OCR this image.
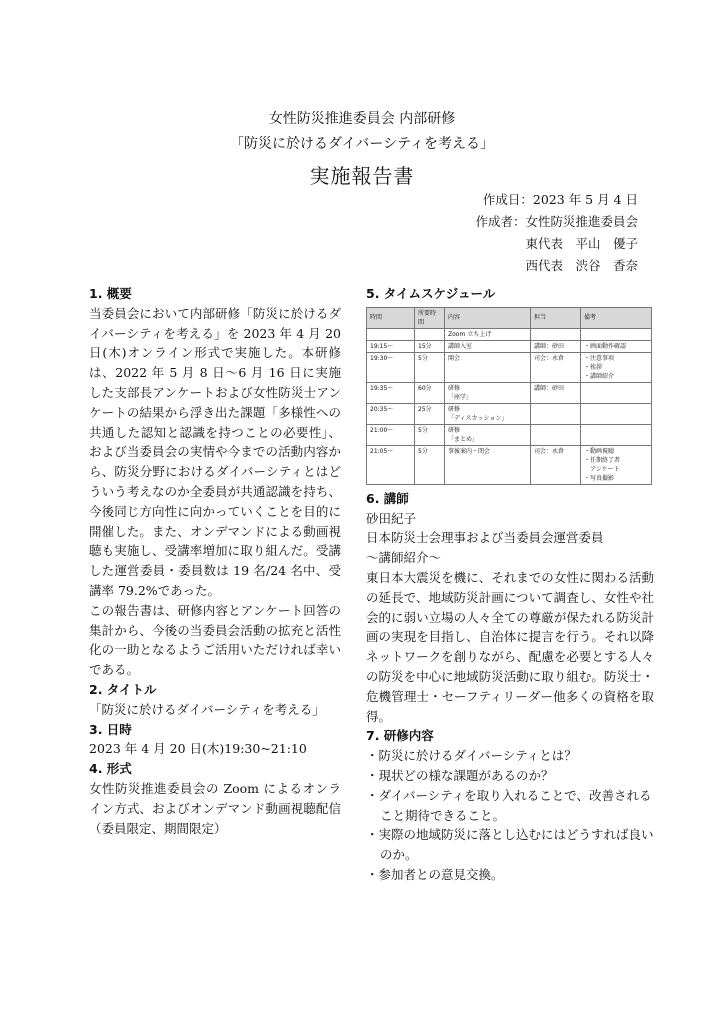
女性防災推進委員会 内部研修
「防災に於けるダイバーシティを考える」
実施報告書
作成日：2023 年 5 月 4 日
作成者：女性防災推進委員会
東代表　平山　優子
西代表　渋谷　香奈

1. 概要

当委員会において内部研修「防災に於けるダイバーシティを考える」を 2023 年 4 月 20 日(木)オンライン形式で実施した。本研修は、2022 年 5 月 8 日～6 月 16 日に実施した支部長アンケートおよび女性防災士アンケートの結果から浮き出た課題「多様性への共通した認知と認識を持つことの必要性」、および当委員会の実情や今までの活動内容から、防災分野におけるダイバーシティとはどういう考えなのか全委員が共通認識を持ち、今後同じ方向性に向かっていくことを目的に開催した。また、オンデマンドによる動画視聴も実施し、受講率増加に取り組んだ。受講した運営委員・委員数は 19 名/24 名中、受講率 79.2%であった。

この報告書は、研修内容とアンケート回答の集計から、今後の当委員会活動の拡充と活性化の一助となるようご活用いただければ幸いである。

2. タイトル

「防災に於けるダイバーシティを考える」

3. 日時

2023 年 4 月 20 日(木)19:30~21:10

4. 形式

女性防災推進委員会の Zoom によるオンライン方式、およびオンデマンド動画視聴配信（委員限定、期間限定）

5. タイムスケジュール

時間	所要時間	内容	担当	備考
		Zoom 立ち上げ		
19:15～	15分	講師入室	講師：砂田	・画面動作確認
19:30～	5分	開会	司会：永倉	・注意事項
・挨拶
・講師紹介
19:35～	60分	研修
「座学」	講師：砂田	
20:35～	25分	研修
「ディスカッション」		
21:00～	5分	研修
「まとめ」		
21:05～	5分	事後案内・閉会	司会：永倉	・動画視聴
・任期終了者
　アンケート
・写真撮影

6. 講師

砂田紀子

日本防災士会理事および当委員会運営委員

～講師紹介～

東日本大震災を機に、それまでの女性に関わる活動の延長で、地域防災計画について調査し、女性や社会的に弱い立場の人々全ての尊厳が保たれる防災計画の実現を目指し、自治体に提言を行う。それ以降ネットワークを創りながら、配慮を必要とする人々の防災を中心に地域防災活動に取り組む。防災士・危機管理士・セーフティリーダー他多くの資格を取得。

7. 研修内容

・防災に於けるダイバーシティとは？

・現状どの様な課題があるのか？

・ダイバーシティを取り入れることで、改善されること期待できること。

・実際の地域防災に落とし込むにはどうすれば良いのか。

・参加者との意見交換。
